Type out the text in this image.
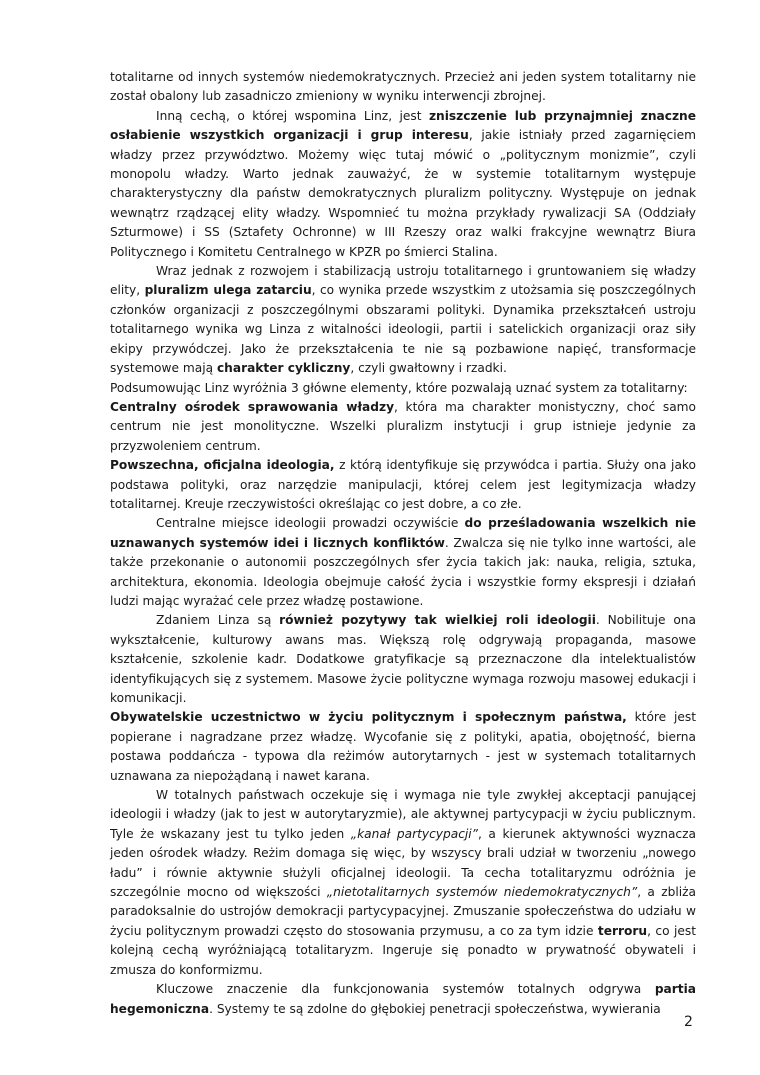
totalitarne od innych systemów niedemokratycznych. Przecież ani jeden system totalitarny nie został obalony lub zasadniczo zmieniony w wyniku interwencji zbrojnej.

Inną cechą, o której wspomina Linz, jest zniszczenie lub przynajmniej znaczne osłabienie wszystkich organizacji i grup interesu, jakie istniały przed zagarnięciem władzy przez przywództwo. Możemy więc tutaj mówić o „politycznym monizmie”, czyli monopolu władzy. Warto jednak zauważyć, że w systemie totalitarnym występuje charakterystyczny dla państw demokratycznych pluralizm polityczny. Występuje on jednak wewnątrz rządzącej elity władzy. Wspomnieć tu można przykłady rywalizacji SA (Oddziały Szturmowe) i SS (Sztafety Ochronne) w III Rzeszy oraz walki frakcyjne wewnątrz Biura Politycznego i Komitetu Centralnego w KPZR po śmierci Stalina.

Wraz jednak z rozwojem i stabilizacją ustroju totalitarnego i gruntowaniem się władzy elity, pluralizm ulega zatarciu, co wynika przede wszystkim z utożsamia się poszczególnych członków organizacji z poszczególnymi obszarami polityki. Dynamika przekształceń ustroju totalitarnego wynika wg Linza z witalności ideologii, partii i satelickich organizacji oraz siły ekipy przywódczej. Jako że przekształcenia te nie są pozbawione napięć, transformacje systemowe mają charakter cykliczny, czyli gwałtowny i rzadki.

Podsumowując Linz wyróżnia 3 główne elementy, które pozwalają uznać system za totalitarny:

Centralny ośrodek sprawowania władzy, która ma charakter monistyczny, choć samo centrum nie jest monolityczne. Wszelki pluralizm instytucji i grup istnieje jedynie za przyzwoleniem centrum.

Powszechna, oficjalna ideologia, z którą identyfikuje się przywódca i partia. Służy ona jako podstawa polityki, oraz narzędzie manipulacji, której celem jest legitymizacja władzy totalitarnej. Kreuje rzeczywistości określając co jest dobre, a co złe.

Centralne miejsce ideologii prowadzi oczywiście do prześladowania wszelkich nie uznawanych systemów idei i licznych konfliktów. Zwalcza się nie tylko inne wartości, ale także przekonanie o autonomii poszczególnych sfer życia takich jak: nauka, religia, sztuka, architektura, ekonomia. Ideologia obejmuje całość życia i wszystkie formy ekspresji i działań ludzi mając wyrażać cele przez władzę postawione.

Zdaniem Linza są również pozytywy tak wielkiej roli ideologii. Nobilituje ona wykształcenie, kulturowy awans mas. Większą rolę odgrywają propaganda, masowe kształcenie, szkolenie kadr. Dodatkowe gratyfikacje są przeznaczone dla intelektualistów identyfikujących się z systemem. Masowe życie polityczne wymaga rozwoju masowej edukacji i komunikacji.

Obywatelskie uczestnictwo w życiu politycznym i społecznym państwa, które jest popierane i nagradzane przez władzę. Wycofanie się z polityki, apatia, obojętność, bierna postawa poddańcza - typowa dla reżimów autorytarnych - jest w systemach totalitarnych uznawana za niepożądaną i nawet karana.

W totalnych państwach oczekuje się i wymaga nie tyle zwykłej akceptacji panującej ideologii i władzy (jak to jest w autorytaryzmie), ale aktywnej partycypacji w życiu publicznym. Tyle że wskazany jest tu tylko jeden „kanał partycypacji”, a kierunek aktywności wyznacza jeden ośrodek władzy. Reżim domaga się więc, by wszyscy brali udział w tworzeniu „nowego ładu” i równie aktywnie służyli oficjalnej ideologii. Ta cecha totalitaryzmu odróżnia je szczególnie mocno od większości „nietotalitarnych systemów niedemokratycznych”, a zbliża paradoksalnie do ustrojów demokracji partycypacyjnej. Zmuszanie społeczeństwa do udziału w życiu politycznym prowadzi często do stosowania przymusu, a co za tym idzie terroru, co jest kolejną cechą wyróżniającą totalitaryzm. Ingeruje się ponadto w prywatność obywateli i zmusza do konformizmu.

Kluczowe znaczenie dla funkcjonowania systemów totalnych odgrywa partia hegemoniczna. Systemy te są zdolne do głębokiej penetracji społeczeństwa, wywierania

2
